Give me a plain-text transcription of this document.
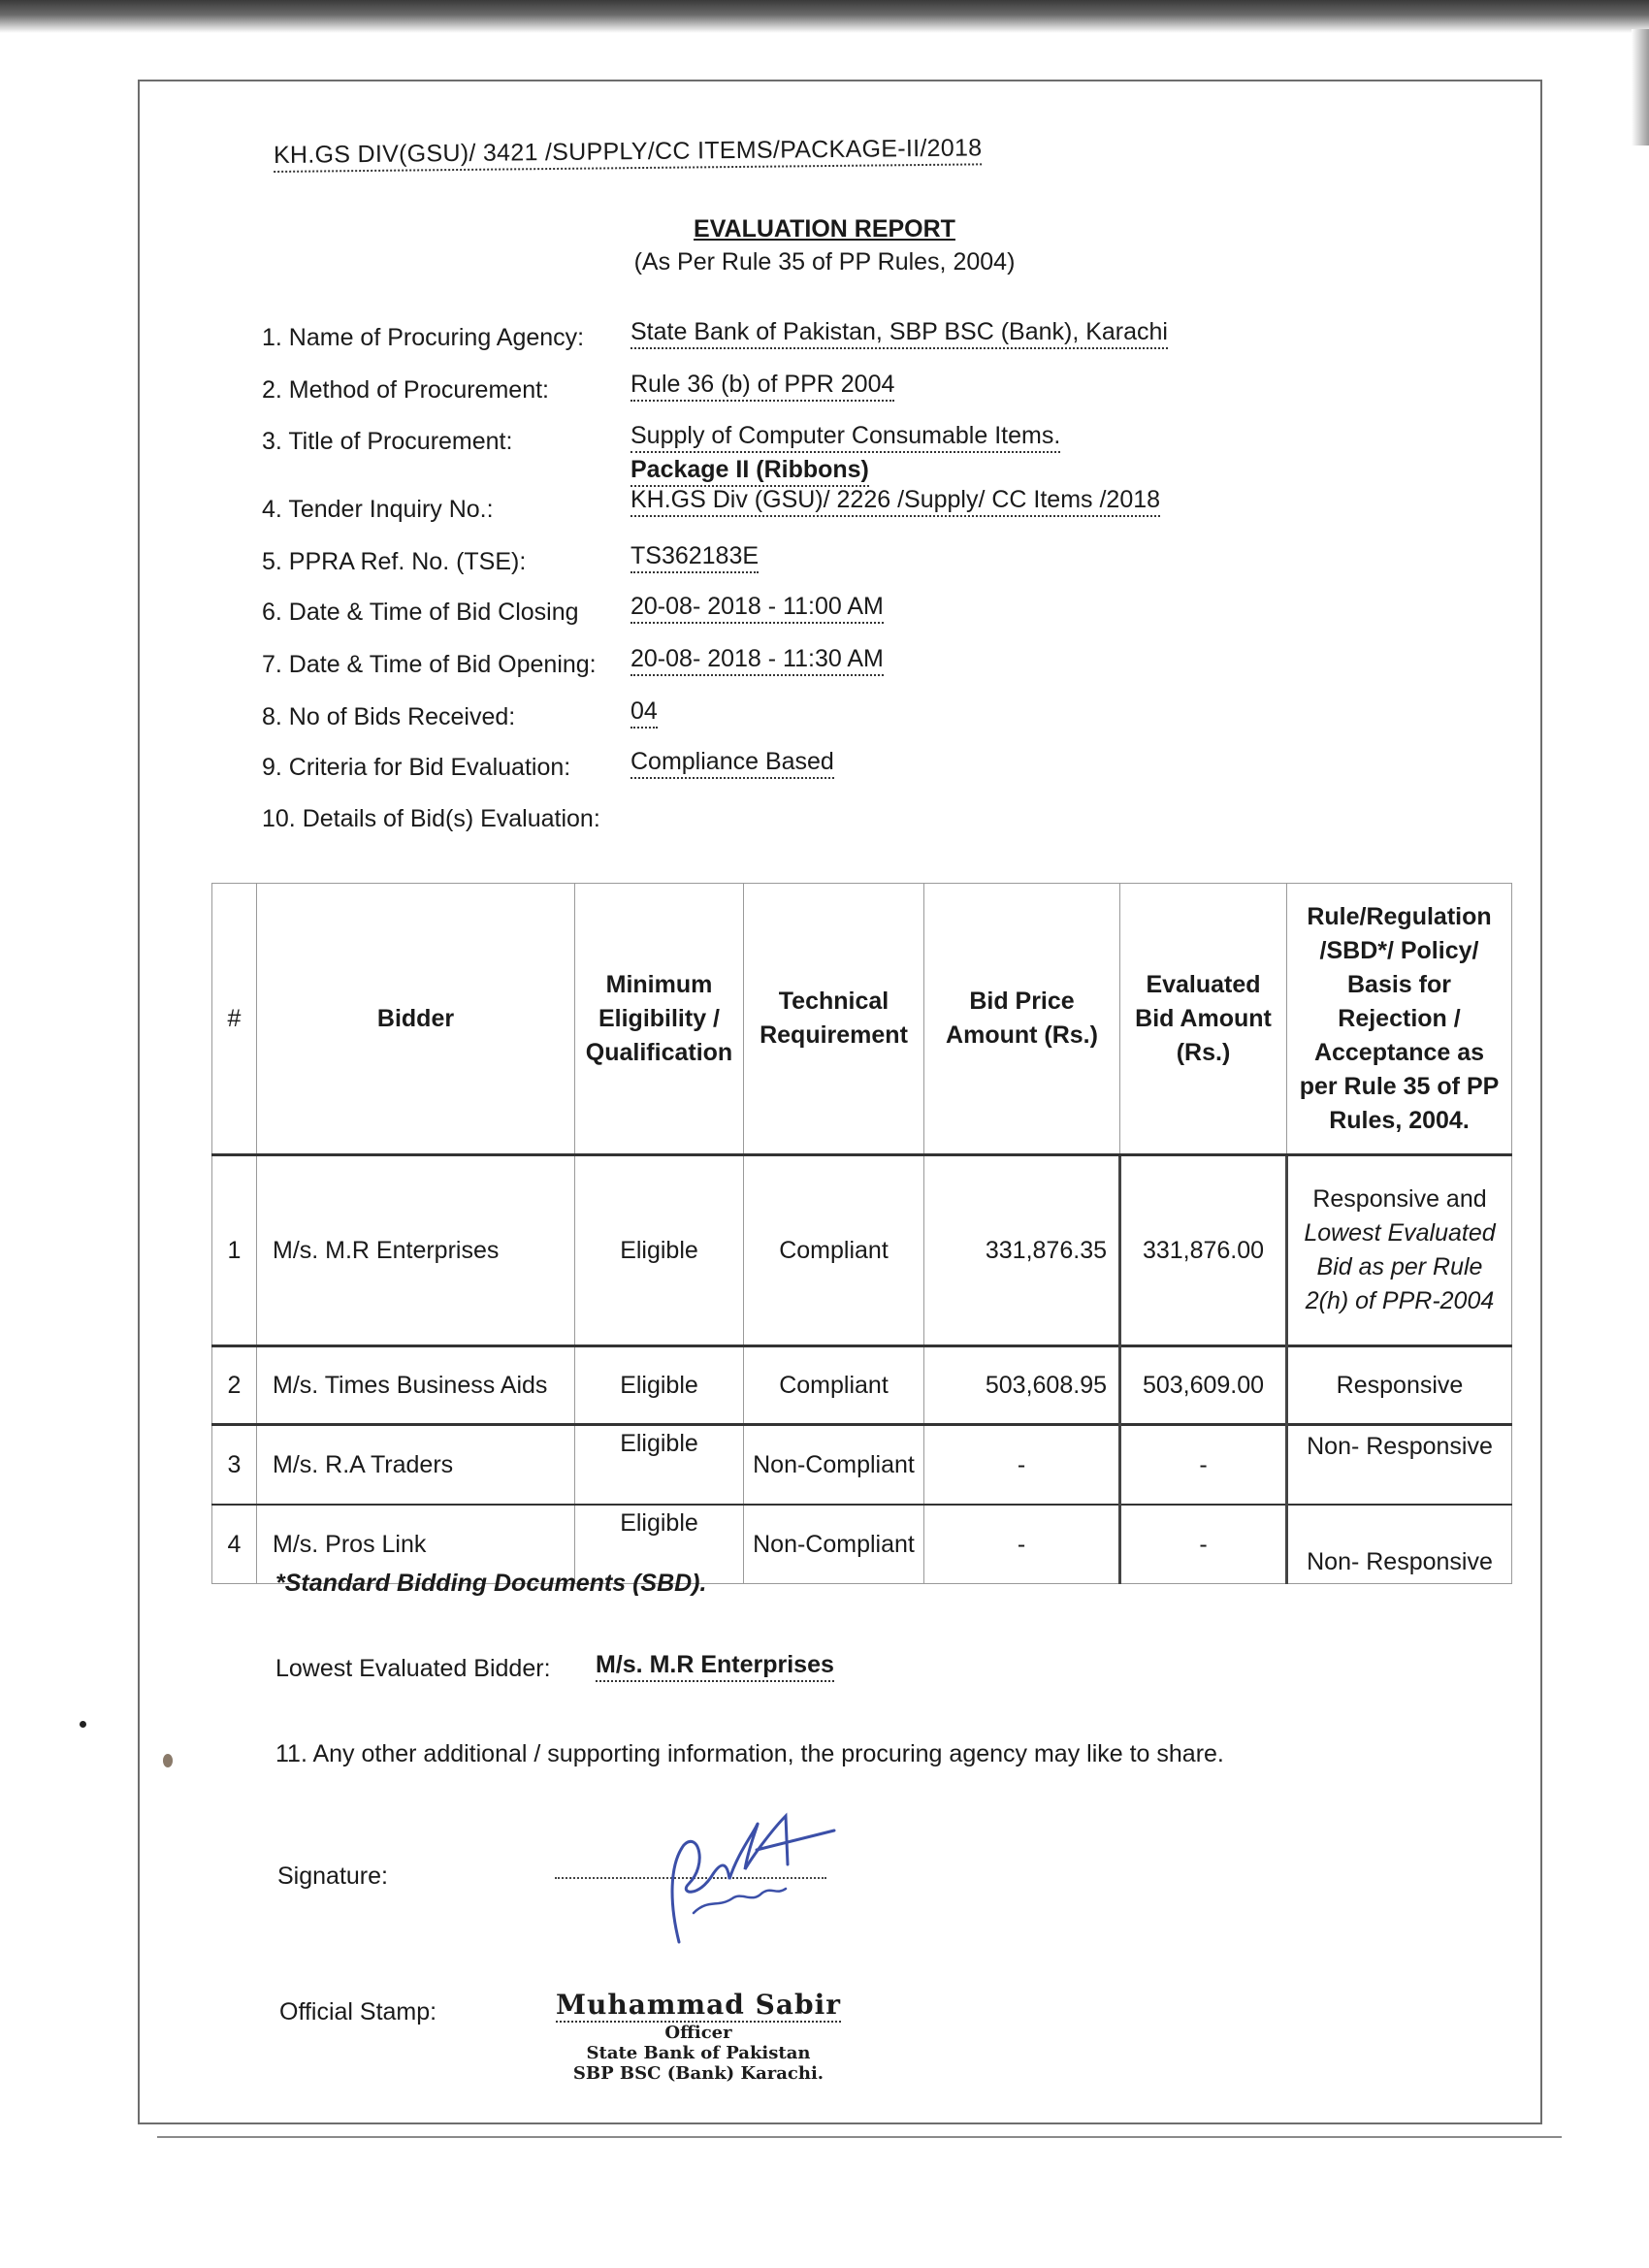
KH.GS DIV(GSU)/ 3421 /SUPPLY/CC ITEMS/PACKAGE-II/2018
EVALUATION REPORT
(As Per Rule 35 of PP Rules, 2004)
1. Name of Procuring Agency: State Bank of Pakistan, SBP BSC (Bank), Karachi
2. Method of Procurement:	Rule 36 (b) of PPR 2004
3. Title of Procurement:	Supply of Computer Consumable Items.
Package II (Ribbons)
4. Tender Inquiry No.:	KH.GS Div (GSU)/ 2226 /Supply/ CC Items /2018
5. PPRA Ref. No. (TSE):	TS362183E
6. Date & Time of Bid Closing 20-08- 2018 - 11:00 AM
7. Date & Time of Bid Opening: 20-08- 2018 - 11:30 AM
8. No of Bids Received:	04
9. Criteria for Bid Evaluation: Compliance Based
10. Details of Bid(s) Evaluation:
#	Bidder	Minimum Eligibility / Qualification	Technical Requirement	Bid Price Amount (Rs.)	Evaluated Bid Amount (Rs.)	Rule/Regulation /SBD*/ Policy/ Basis for Rejection / Acceptance as per Rule 35 of PP Rules, 2004.
1	M/s. M.R Enterprises	Eligible	Compliant	331,876.35	331,876.00	Responsive and
Lowest Evaluated Bid as per Rule 2(h) of PPR-2004

2	M/s. Times Business Aids	Eligible	Compliant	503,608.95	503,609.00	Responsive
3	M/s. R.A Traders	Eligible	Non-Compliant	-	-	Non- Responsive
4	M/s. Pros Link	Eligible	Non-Compliant	-	-	Non- Responsive
*Standard Bidding Documents (SBD).
Lowest Evaluated Bidder: M/s. M.R Enterprises
11. Any other additional / supporting information, the procuring agency may like to share.
Signature:
Official Stamp:	Muhammad Sabir
Officer
State Bank of Pakistan
SBP BSC (Bank) Karachi.
